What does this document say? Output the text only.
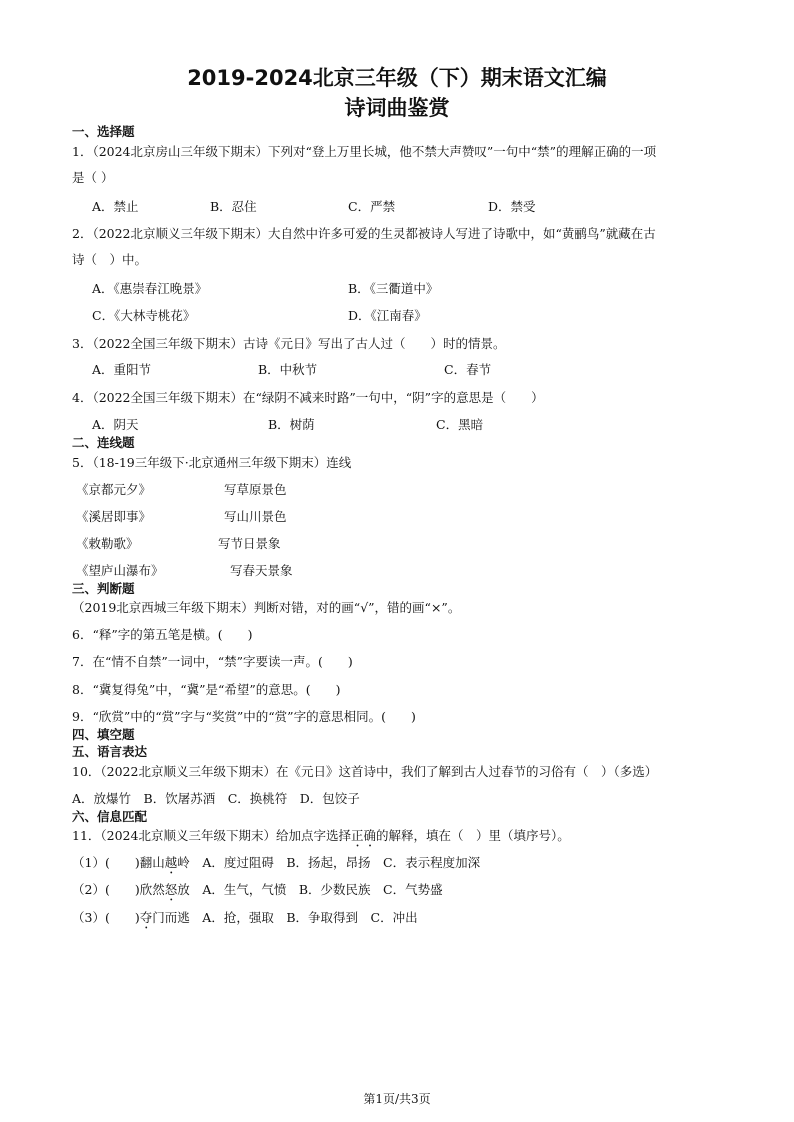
2019-2024北京三年级（下）期末语文汇编
诗词曲鉴赏
一、选择题
1．（2024北京房山三年级下期末）下列对“登上万里长城，他不禁大声赞叹”一句中“禁”的理解正确的一项
是（ ）
A．禁止	B．忍住	C．严禁	D．禁受
2．（2022北京顺义三年级下期末）大自然中许多可爱的生灵都被诗人写进了诗歌中，如“黄鹂鸟”就藏在古
诗（　）中。
A．《惠崇春江晚景》	B．《三衢道中》
C．《大林寺桃花》	D．《江南春》
3．（2022全国三年级下期末）古诗《元日》写出了古人过（　　）时的情景。
A．重阳节	B．中秋节	C．春节
4．（2022全国三年级下期末）在“绿阴不减来时路”一句中，“阴”字的意思是（　　）
A．阴天	B．树荫	C．黑暗
二、连线题
5．（18-19三年级下·北京通州三年级下期末）连线
《京都元夕》	写草原景色
《溪居即事》	写山川景色
《敕勒歌》	写节日景象
《望庐山瀑布》	写春天景象
三、判断题
（2019北京西城三年级下期末）判断对错，对的画“√”，错的画“×”。
6．“释”字的第五笔是横。(　　)
7．在“情不自禁”一词中，“禁”字要读一声。(　　)
8．“冀复得兔”中，“冀”是“希望”的意思。(　　)
9．“欣赏”中的“赏”字与“奖赏”中的“赏”字的意思相同。(　　)
四、填空题
五、语言表达
10．（2022北京顺义三年级下期末）在《元日》这首诗中，我们了解到古人过春节的习俗有（　）（多选）
A．放爆竹　B．饮屠苏酒　C．换桃符　D．包饺子
六、信息匹配
11．（2024北京顺义三年级下期末）给加点字选择正确的解释，填在（　）里（填序号）。
（1）(　　 )翻山越岭　 A．度过阻碍　B．扬起，昂扬　C．表示程度加深
（2）(　　 )欣然怒放　 A．生气，气愤　B．少数民族　C．气势盛
（3）(　　 )夺门而逃　 A．抢，强取　B．争取得到　C．冲出
第1页/共3页
